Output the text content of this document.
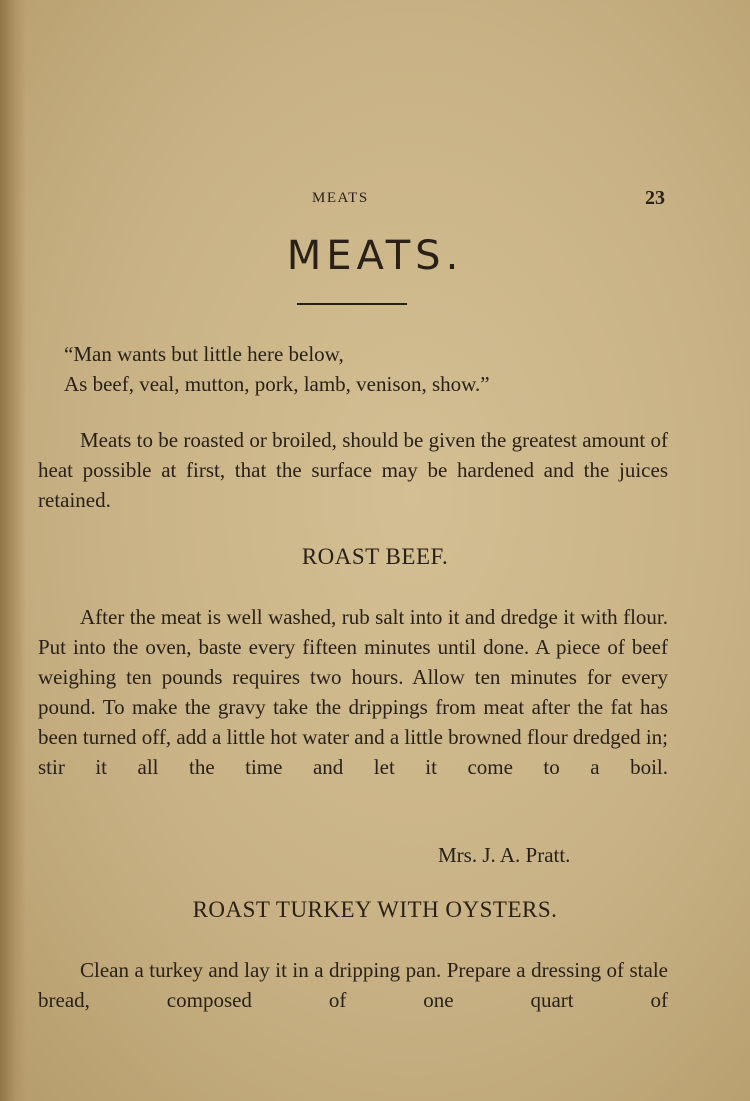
MEATS	23
MEATS.

“Man wants but little here below,

As beef, veal, mutton, pork, lamb, venison, show.”

Meats to be roasted or broiled, should be given the greatest amount of heat possible at first, that the surface may be hardened and the juices retained.

ROAST BEEF.

After the meat is well washed, rub salt into it and dredge it with flour. Put into the oven, baste every fifteen minutes until done. A piece of beef weighing ten pounds requires two hours. Allow ten minutes for every pound. To make the gravy take the drippings from meat after the fat has been turned off, add a little hot water and a little browned flour dredged in; stir it all the time and let it come to a boil.

Mrs. J. A. Pratt.
ROAST TURKEY WITH OYSTERS.

Clean a turkey and lay it in a dripping pan. Prepare a dressing of stale bread, composed of one quart of
